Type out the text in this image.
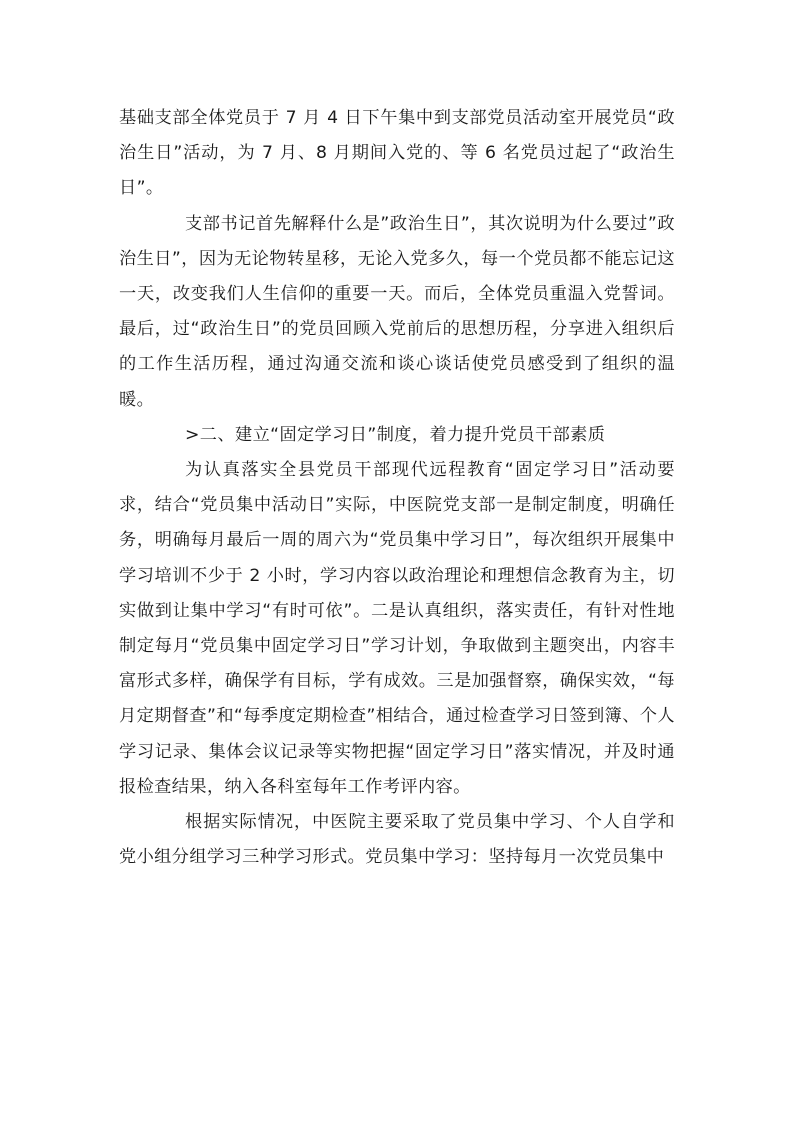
基础支部全体党员于 7 月 4 日下午集中到支部党员活动室开展党员“政治生日”活动，为 7 月、8 月期间入党的、等 6 名党员过起了“政治生日”。

支部书记首先解释什么是”政治生日”，其次说明为什么要过”政治生日”，因为无论物转星移，无论入党多久，每一个党员都不能忘记这一天，改变我们人生信仰的重要一天。而后，全体党员重温入党誓词。最后，过“政治生日”的党员回顾入党前后的思想历程，分享进入组织后的工作生活历程，通过沟通交流和谈心谈话使党员感受到了组织的温暖。

>二、建立“固定学习日”制度，着力提升党员干部素质

为认真落实全县党员干部现代远程教育“固定学习日”活动要求，结合“党员集中活动日”实际，中医院党支部一是制定制度，明确任务，明确每月最后一周的周六为“党员集中学习日”，每次组织开展集中学习培训不少于 2 小时，学习内容以政治理论和理想信念教育为主，切实做到让集中学习“有时可依”。二是认真组织，落实责任，有针对性地制定每月“党员集中固定学习日”学习计划，争取做到主题突出，内容丰富形式多样，确保学有目标，学有成效。三是加强督察，确保实效，“每月定期督查”和“每季度定期检查”相结合，通过检查学习日签到簿、个人学习记录、集体会议记录等实物把握“固定学习日”落实情况，并及时通报检查结果，纳入各科室每年工作考评内容。

根据实际情况，中医院主要采取了党员集中学习、个人自学和党小组分组学习三种学习形式。党员集中学习：坚持每月一次党员集中
